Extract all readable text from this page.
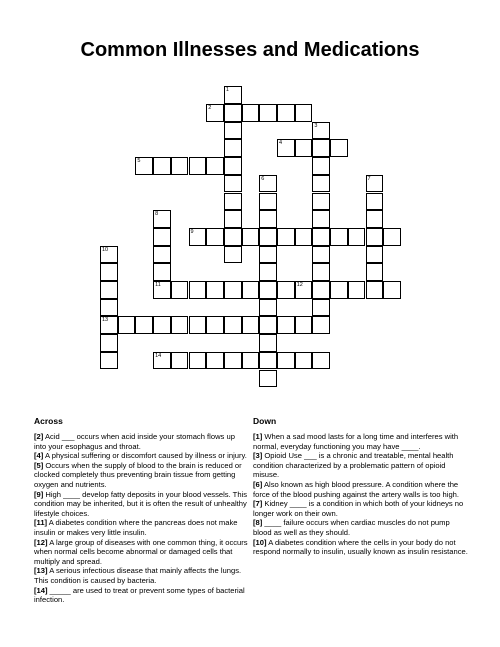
Common Illnesses and Medications
2
4
5
9
11	12
13
14
1
3
6	7
8
10
Across

[2] Acid ___ occurs when acid inside your stomach flows up into your esophagus and throat.

[4] A physical suffering or discomfort caused by illness or injury.

[5] Occurs when the supply of blood to the brain is reduced or clocked completely thus preventing brain tissue from getting oxygen and nutrients.

[9] High ____ develop fatty deposits in your blood vessels. This condition may be inherited, but it is often the result of unhealthy lifestyle choices.

[11] A diabetes condition where the pancreas does not make insulin or makes very little insulin.

[12] A large group of diseases with one common thing, it occurs when normal cells become abnormal or damaged cells that multiply and spread.

[13] A serious infectious disease that mainly affects the lungs. This condition is caused by bacteria.

[14] _____ are used to treat or prevent some types of bacterial infection.

Down

[1] When a sad mood lasts for a long time and interferes with normal, everyday functioning you may have ____.

[3] Opioid Use ___ is a chronic and treatable, mental health condition characterized by a problematic pattern of opioid misuse.

[6] Also known as high blood pressure. A condition where the force of the blood pushing against the artery walls is too high.

[7] Kidney ____ is a condition in which both of your kidneys no longer work on their own.

[8] ____ failure occurs when cardiac muscles do not pump blood as well as they should.

[10] A diabetes condition where the cells in your body do not respond normally to insulin, usually known as insulin resistance.
